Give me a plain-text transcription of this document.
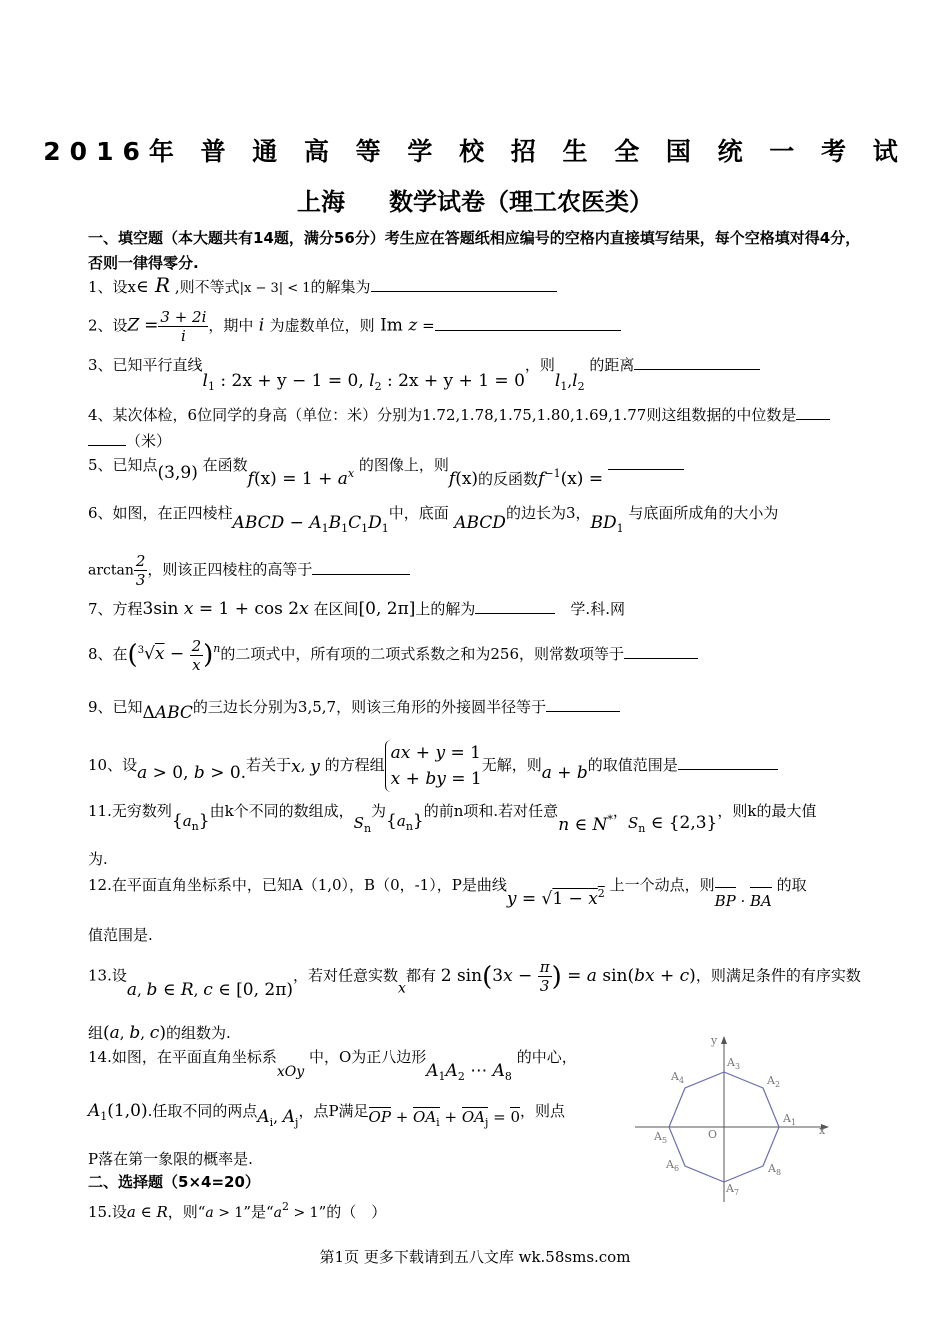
2016年 普 通 高 等 学 校 招 生 全 国 统 一 考 试
上海 数学试卷（理工农医类）
一、填空题（本大题共有14题，满分56分）考生应在答题纸相应编号的空格内直接填写结果，每个空格填对得4分，否则一律得零分.
1、设x∈ R ,则不等式|x − 3| < 1的解集为
2、设$Z = \frac{3 + 2i}{i}$ ，期中 i 为虚数单位，则 Im z =
3、已知平行直线$l_1$ : 2x + y − 1 = 0, $l_2$ : 2x + y + 1 = 0，则$l_1,l_2$ 的距离
4、某次体检，6位同学的身高（单位：米）分别为1.72,1.78,1.75,1.80,1.69,1.77则这组数据的中位数是
（米）
5、已知点(3,9) 在函数$f(x) = 1 + a^x$ 的图像上，则f(x)的反函数$f^{-1}(x)$ =
6、如图，在正四棱柱ABCD − $A_1B_1C_1D_1$中，底面 ABCD的边长为3，$BD_1$ 与底面所成角的大小为
$\arctan \frac{2}{3}$ ，则该正四棱柱的高等于
7、方程3sin x = 1 + cos 2x 在区间[0, 2π]上的解为　	学.科.网
8、在$(^3√x - \frac{2}{x} )^n$的二项式中，所有项的二项式系数之和为256，则常数项等于
9、已知ΔABC的三边长分别为3,5,7，则该三角形的外接圆半径等于
10、设a > 0, b > 0.若关于x, y 的方程组ax + y = 1
x + by = 1无解，则a + b的取值范围是
11.无穷数列$\{a_n\}$由k个不同的数组成，$S_n$为$\{a_n\}$的前n项和.若对任意n ∈ N*，$S_n$ ∈ {2,3}，则k的最大值
为.
12.在平面直角坐标系中，已知A（1,0），B（0，-1），P是曲线$y = √1 - x^2$ 上一个动点，则BP · BA 的取
值范围是.
13.设a, b ∈ R, c ∈ [0, 2π)，若对任意实数x都有 2 $\sin(3x - \frac{\pi}{3}$ ) = a sin(bx + c)，则满足条件的有序实数
组(a, b, c)的组数为.
14.如图，在平面直角坐标系xOy 中，O为正八边形$A_1A_2$ ⋯ $A_8$ 的中心，
$A_1(1,0)$.任取不同的两点$A_i$, $A_j$，点P满足OP + $OA_i + OA_j = 0$，则点
P落在第一象限的概率是.
$A_1$
$A_2$
$A_3$
$A_4$
$A_5$
$A_6$
$A_7$
$A_8$
O	x
y
二、选择题（5×4=20）
15.设a ∈ R，则“a > 1”是“$a^2 > 1$”的（　）
第1页 更多下载请到五八文库 wk.58sms.com
